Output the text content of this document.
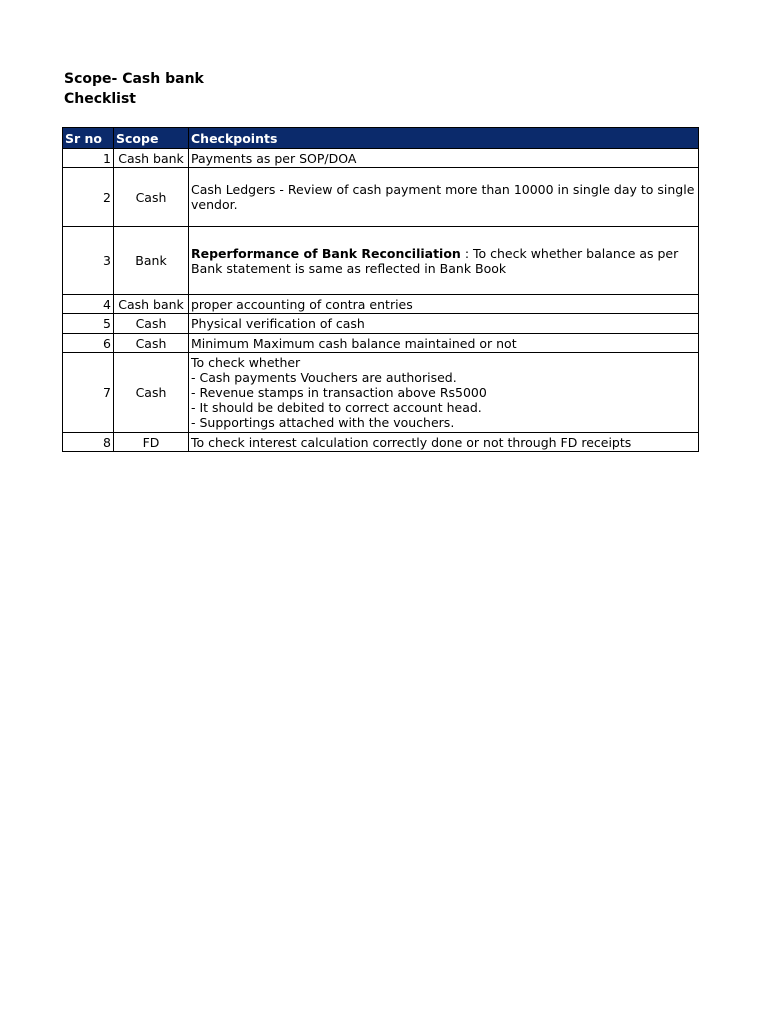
Scope- Cash bank
Checklist
Sr no	Scope	Checkpoints
1	Cash bank	Payments as per SOP/DOA

2	Cash	Cash Ledgers - Review of cash payment more than 10000 in single day to single vendor.

3	Bank	Reperformance of Bank Reconciliation : To check whether balance as per Bank statement is same as reflected in Bank Book

4	Cash bank	proper accounting of contra entries

5	Cash	Physical verification of cash

6	Cash	Minimum Maximum cash balance maintained or not

7	Cash	To check whether
- Cash payments Vouchers are authorised.
- Revenue stamps in transaction above Rs5000
- It should be debited to correct account head.
- Supportings attached with the vouchers.

8	FD	To check interest calculation correctly done or not through FD receipts
